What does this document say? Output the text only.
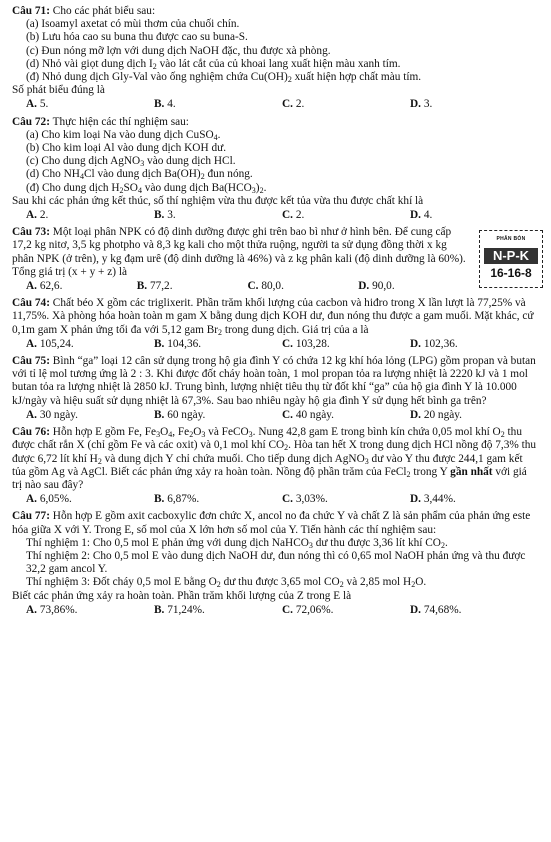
Câu 71: Cho các phát biểu sau:

(a) Isoamyl axetat có mùi thơm của chuối chín.

(b) Lưu hóa cao su buna thu được cao su buna-S.

(c) Đun nóng mỡ lợn với dung dịch NaOH đặc, thu được xà phòng.

(d) Nhỏ vài giọt dung dịch $I_2$ vào lát cắt của củ khoai lang xuất hiện màu xanh tím.

(đ) Nhỏ dung dịch Gly-Val vào ống nghiệm chứa $Cu(OH)_2$ xuất hiện hợp chất màu tím.

Số phát biểu đúng là

A. 5.	B. 4.	C. 2.	D. 3.

Câu 72: Thực hiện các thí nghiệm sau:

(a) Cho kim loại Na vào dung dịch CuSO$_4$.

(b) Cho kim loại Al vào dung dịch KOH dư.

(c) Cho dung dịch AgNO$_3$ vào dung dịch HCl.

(d) Cho $NH_4Cl$ vào dung dịch $Ba(OH)_2$ đun nóng.

(đ) Cho dung dịch $H_2SO_4$ vào dung dịch $Ba(HCO_3)_2$.

Sau khi các phản ứng kết thúc, số thí nghiệm vừa thu được kết tủa vừa thu được chất khí là

A. 2.	B. 3.	C. 2.	D. 4.

Câu 73: Một loại phân NPK có độ dinh dưỡng được ghi trên bao bì như ở hình bên. Để cung cấp 17,2 kg nitơ, 3,5 kg photpho và 8,3 kg kali cho một thửa ruộng, người ta sử dụng đồng thời x kg phân NPK (ở trên), y kg đạm urê (độ dinh dưỡng là 46%) và z kg phân kali (độ dinh dưỡng là 60%). Tổng giá trị (x + y + z) là

PHÂN BÓN
N-P-K
16-16-8
A. 62,6.	B. 77,2.	C. 80,0.	D. 90,0.

Câu 74: Chất béo X gồm các triglixerit. Phần trăm khối lượng của cacbon và hiđro trong X lần lượt là 77,25% và 11,75%. Xà phòng hóa hoàn toàn m gam X bằng dung dịch KOH dư, đun nóng thu được a gam muối. Mặt khác, cứ 0,1m gam X phản ứng tối đa với 5,12 gam $Br_2$ trong dung dịch. Giá trị của a là

A. 105,24.	B. 104,36.	C. 103,28.	D. 102,36.

Câu 75: Bình “ga” loại 12 cân sử dụng trong hộ gia đình Y có chứa 12 kg khí hóa lỏng (LPG) gồm propan và butan với tỉ lệ mol tương ứng là 2 : 3. Khi được đốt cháy hoàn toàn, 1 mol propan tỏa ra lượng nhiệt là 2220 kJ và 1 mol butan tỏa ra lượng nhiệt là 2850 kJ. Trung bình, lượng nhiệt tiêu thụ từ đốt khí “ga” của hộ gia đình Y là 10.000 kJ/ngày và hiệu suất sử dụng nhiệt là 67,3%. Sau bao nhiêu ngày hộ gia đình Y sử dụng hết bình ga trên?

A. 30 ngày.	B. 60 ngày.	C. 40 ngày.	D. 20 ngày.

Câu 76: Hỗn hợp E gồm Fe, $Fe_3O_4$, $Fe_2O_3$ và FeCO$_3$. Nung 42,8 gam E trong bình kín chứa 0,05 mol khí $O_2$ thu được chất rắn X (chỉ gồm Fe và các oxit) và 0,1 mol khí $CO_2$. Hòa tan hết X trong dung dịch HCl nồng độ 7,3% thu được 6,72 lít khí $H_2$ và dung dịch Y chỉ chứa muối. Cho tiếp dung dịch AgNO$_3$ dư vào Y thu được 244,1 gam kết tủa gồm Ag và AgCl. Biết các phản ứng xảy ra hoàn toàn. Nồng độ phần trăm của FeCl$_2$ trong Y gần nhất với giá trị nào sau đây?

A. 6,05%.	B. 6,87%.	C. 3,03%.	D. 3,44%.

Câu 77: Hỗn hợp E gồm axit cacboxylic đơn chức X, ancol no đa chức Y và chất Z là sản phẩm của phản ứng este hóa giữa X với Y. Trong E, số mol của X lớn hơn số mol của Y. Tiến hành các thí nghiệm sau:

Thí nghiệm 1: Cho 0,5 mol E phản ứng với dung dịch NaHCO$_3$ dư thu được 3,36 lít khí $CO_2$.

Thí nghiệm 2: Cho 0,5 mol E vào dung dịch NaOH dư, đun nóng thì có 0,65 mol NaOH phản ứng và thu được 32,2 gam ancol Y.

Thí nghiệm 3: Đốt cháy 0,5 mol E bằng $O_2$ dư thu được 3,65 mol $CO_2$ và 2,85 mol $H_2O$.

Biết các phản ứng xảy ra hoàn toàn. Phần trăm khối lượng của Z trong E là

A. 73,86%.	B. 71,24%.	C. 72,06%.	D. 74,68%.
